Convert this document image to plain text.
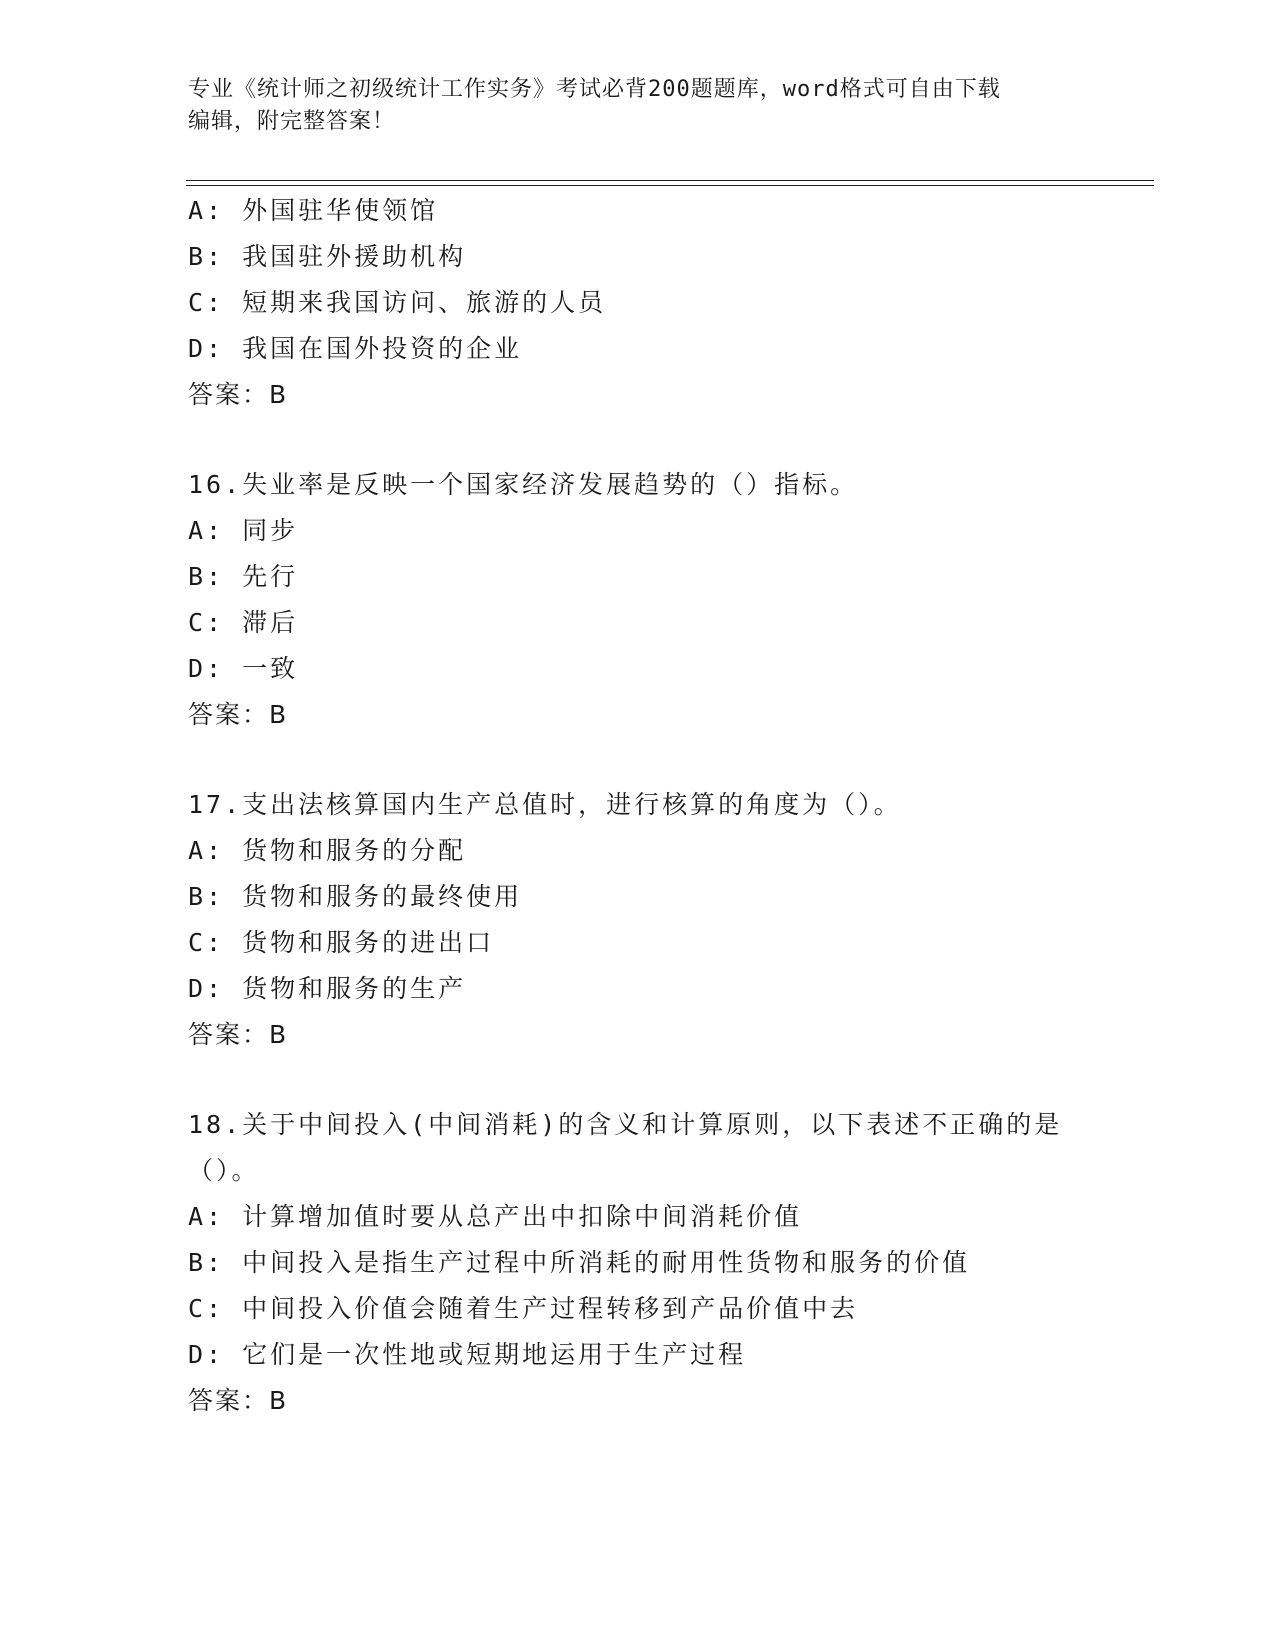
专业《统计师之初级统计工作实务》考试必背200题题库，word格式可自由下载
编辑，附完整答案！
A: 外国驻华使领馆
B: 我国驻外援助机构
C: 短期来我国访问、旅游的人员
D: 我国在国外投资的企业
答案：B
16.失业率是反映一个国家经济发展趋势的（）指标。
A: 同步
B: 先行
C: 滞后
D: 一致
答案：B
17.支出法核算国内生产总值时，进行核算的角度为（）。
A: 货物和服务的分配
B: 货物和服务的最终使用
C: 货物和服务的进出口
D: 货物和服务的生产
答案：B
18.关于中间投入(中间消耗)的含义和计算原则，以下表述不正确的是
（）。
A: 计算增加值时要从总产出中扣除中间消耗价值
B: 中间投入是指生产过程中所消耗的耐用性货物和服务的价值
C: 中间投入价值会随着生产过程转移到产品价值中去
D: 它们是一次性地或短期地运用于生产过程
答案：B
